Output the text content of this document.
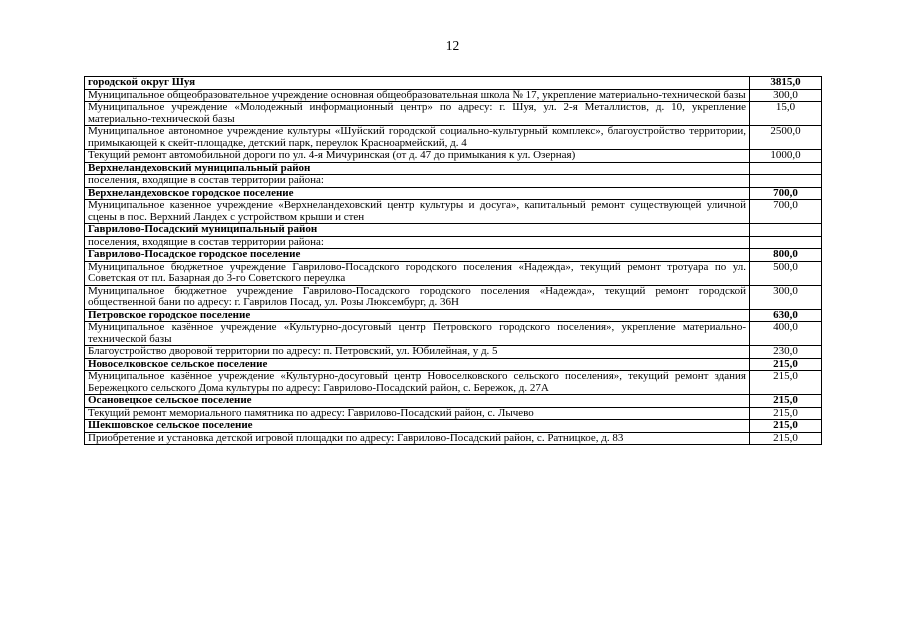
12
городской округ Шуя	3815,0
Муниципальное общеобразовательное учреждение основная общеобразовательная школа № 17, укрепление материально-технической базы	300,0
Муниципальное учреждение «Молодежный информационный центр» по адресу: г. Шуя, ул. 2-я Металлистов, д. 10, укрепление материально-технической базы	15,0
Муниципальное автономное учреждение культуры «Шуйский городской социально-культурный комплекс», благоустройство территории, примыкающей к скейт-площадке, детский парк, переулок Красноармейский, д. 4	2500,0
Текущий ремонт автомобильной дороги по ул. 4-я Мичуринская (от д. 47 до примыкания к ул. Озерная)	1000,0
Верхнеландеховский муниципальный район	
поселения, входящие в состав территории района:	
Верхнеландеховское городское поселение	700,0
Муниципальное казенное учреждение «Верхнеландеховский центр культуры и досуга», капитальный ремонт существующей уличной сцены в пос. Верхний Ландех с устройством крыши и стен	700,0
Гаврилово-Посадский муниципальный район	
поселения, входящие в состав территории района:	
Гаврилово-Посадское городское поселение	800,0
Муниципальное бюджетное учреждение Гаврилово-Посадского городского поселения «Надежда», текущий ремонт тротуара по ул. Советская от пл. Базарная до 3-го Советского переулка	500,0
Муниципальное бюджетное учреждение Гаврилово-Посадского городского поселения «Надежда», текущий ремонт городской общественной бани по адресу: г. Гаврилов Посад, ул. Розы Люксембург, д. 36Н	300,0
Петровское городское поселение	630,0
Муниципальное казённое учреждение «Культурно-досуговый центр Петровского городского поселения», укрепление материально-технической базы	400,0
Благоустройство дворовой территории по адресу: п. Петровский, ул. Юбилейная, у д. 5	230,0
Новоселковское сельское поселение	215,0
Муниципальное казённое учреждение «Культурно-досуговый центр Новоселковского сельского поселения», текущий ремонт здания Бережецкого сельского Дома культуры по адресу: Гаврилово-Посадский район, с. Бережок, д. 27А	215,0
Осановецкое сельское поселение	215,0
Текущий ремонт мемориального памятника по адресу: Гаврилово-Посадский район, с. Лычево	215,0
Шекшовское сельское поселение	215,0
Приобретение и установка детской игровой площадки по адресу: Гаврилово-Посадский район, с. Ратницкое, д. 83	215,0
